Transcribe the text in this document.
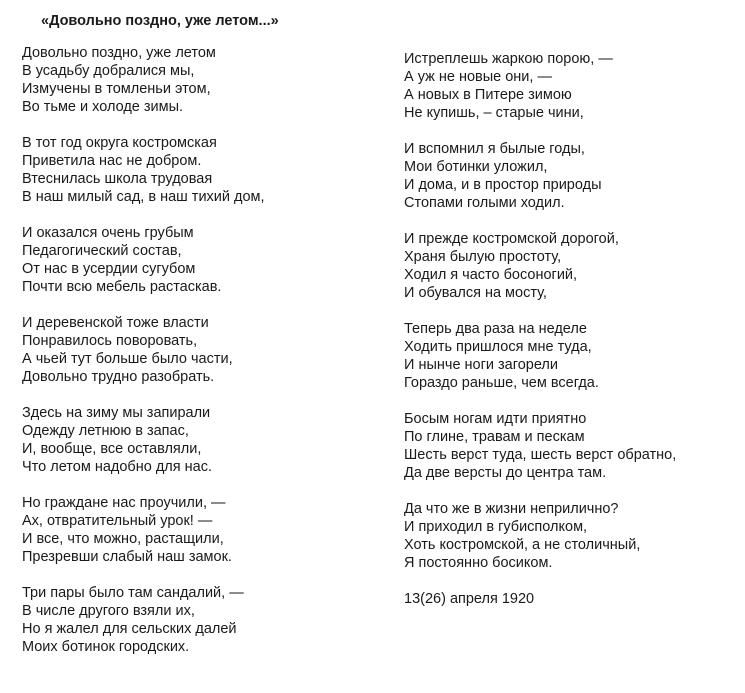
«Довольно поздно, уже летом...»
Довольно поздно, уже летом
В усадьбу добралися мы,
Измучены в томленьи этом,
Во тьме и холоде зимы.
В тот год округа костромская
Приветила нас не добром.
Втеснилась школа трудовая
В наш милый сад, в наш тихий дом,
И оказался очень грубым
Педагогический состав,
От нас в усердии сугубом
Почти всю мебель растаскав.
И деревенской тоже власти
Понравилось поворовать,
А чьей тут больше было части,
Довольно трудно разобрать.
Здесь на зиму мы запирали
Одежду летнюю в запас,
И, вообще, все оставляли,
Что летом надобно для нас.
Но граждане нас проучили, —
Ах, отвратительный урок! —
И все, что можно, растащили,
Презревши слабый наш замок.
Три пары было там сандалий, —
В числе другого взяли их,
Но я жалел для сельских далей
Моих ботинок городских.
Истреплешь жаркою порою, —
А уж не новые они, —
А новых в Питере зимою
Не купишь, – старые чини,
И вспомнил я былые годы,
Мои ботинки уложил,
И дома, и в простор природы
Стопами голыми ходил.
И прежде костромской дорогой,
Храня былую простоту,
Ходил я часто босоногий,
И обувался на мосту,
Теперь два раза на неделе
Ходить пришлося мне туда,
И нынче ноги загорели
Гораздо раньше, чем всегда.
Босым ногам идти приятно
По глине, травам и пескам
Шесть верст туда, шесть верст обратно,
Да две версты до центра там.
Да что же в жизни неприлично?
И приходил в губисполком,
Хоть костромской, а не столичный,
Я постоянно босиком.
13(26) апреля 1920
